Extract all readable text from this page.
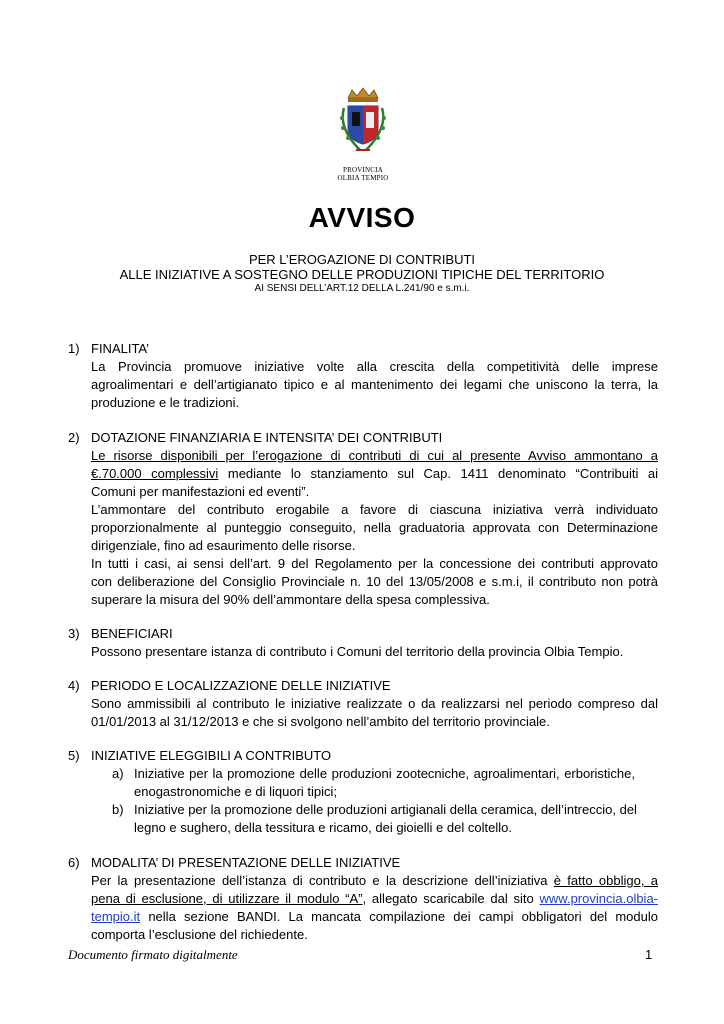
PROVINCIA
OLBIA TEMPIO
AVVISO
PER L’EROGAZIONE DI CONTRIBUTI
ALLE INIZIATIVE A SOSTEGNO DELLE PRODUZIONI TIPICHE DEL TERRITORIO
AI SENSI DELL’ART.12 DELLA L.241/90 e s.m.i.
1) FINALITA’
La Provincia promuove iniziative volte alla crescita della competitività delle imprese
agroalimentari e dell’artigianato tipico e al mantenimento dei legami che uniscono la terra, la
produzione e le tradizioni.
2) DOTAZIONE FINANZIARIA E INTENSITA’ DEI CONTRIBUTI
Le risorse disponibili per l’erogazione di contributi di cui al presente Avviso ammontano a
€.70.000 complessivi mediante lo stanziamento sul Cap. 1411 denominato “Contribuiti ai
Comuni per manifestazioni ed eventi”.
L’ammontare del contributo erogabile a favore di ciascuna iniziativa verrà individuato
proporzionalmente al punteggio conseguito, nella graduatoria approvata con Determinazione
dirigenziale, fino ad esaurimento delle risorse.
In tutti i casi, ai sensi dell’art. 9 del Regolamento per la concessione dei contributi approvato
con deliberazione del Consiglio Provinciale n. 10 del 13/05/2008 e s.m.i, il contributo non potrà
superare la misura del 90% dell’ammontare della spesa complessiva.
3) BENEFICIARI
Possono presentare istanza di contributo i Comuni del territorio della provincia Olbia Tempio.
4) PERIODO E LOCALIZZAZIONE DELLE INIZIATIVE
Sono ammissibili al contributo le iniziative realizzate o da realizzarsi nel periodo compreso dal
01/01/2013 al 31/12/2013 e che si svolgono nell’ambito del territorio provinciale.
5) INIZIATIVE ELEGGIBILI A CONTRIBUTO
a) Iniziative per la promozione delle produzioni zootecniche, agroalimentari, erboristiche,
enogastronomiche e di liquori tipici;
b) Iniziative per la promozione delle produzioni artigianali della ceramica, dell’intreccio, del
legno e sughero, della tessitura e ricamo, dei gioielli e del coltello.
6) MODALITA’ DI PRESENTAZIONE DELLE INIZIATIVE
Per la presentazione dell’istanza di contributo e la descrizione dell’iniziativa è fatto obbligo, a
pena di esclusione, di utilizzare il modulo “A”, allegato scaricabile dal sito www.provincia.olbia-
tempio.it nella sezione BANDI. La mancata compilazione dei campi obbligatori del modulo
comporta l’esclusione del richiedente.
Documento firmato digitalmente	1
